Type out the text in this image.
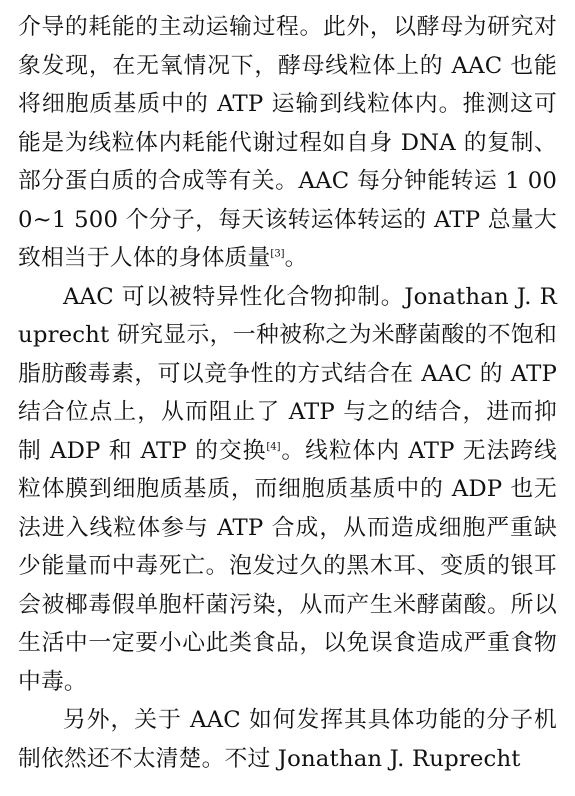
介导的耗能的主动运输过程。此外，以酵母为研究对象发现，在无氧情况下，酵母线粒体上的 AAC 也能将细胞质基质中的 ATP 运输到线粒体内。推测这可能是为线粒体内耗能代谢过程如自身 DNA 的复制、部分蛋白质的合成等有关。AAC 每分钟能转运 1 000~1 500 个分子，每天该转运体转运的 ATP 总量大致相当于人体的身体质量[3]。

AAC 可以被特异性化合物抑制。Jonathan J. Ruprecht 研究显示，一种被称之为米酵菌酸的不饱和脂肪酸毒素，可以竞争性的方式结合在 AAC 的 ATP 结合位点上，从而阻止了 ATP 与之的结合，进而抑制 ADP 和 ATP 的交换[4]。线粒体内 ATP 无法跨线粒体膜到细胞质基质，而细胞质基质中的 ADP 也无法进入线粒体参与 ATP 合成，从而造成细胞严重缺少能量而中毒死亡。泡发过久的黑木耳、变质的银耳会被椰毒假单胞杆菌污染，从而产生米酵菌酸。所以生活中一定要小心此类食品，以免误食造成严重食物中毒。

另外，关于 AAC 如何发挥其具体功能的分子机制依然还不太清楚。不过 Jonathan J. Ruprecht
